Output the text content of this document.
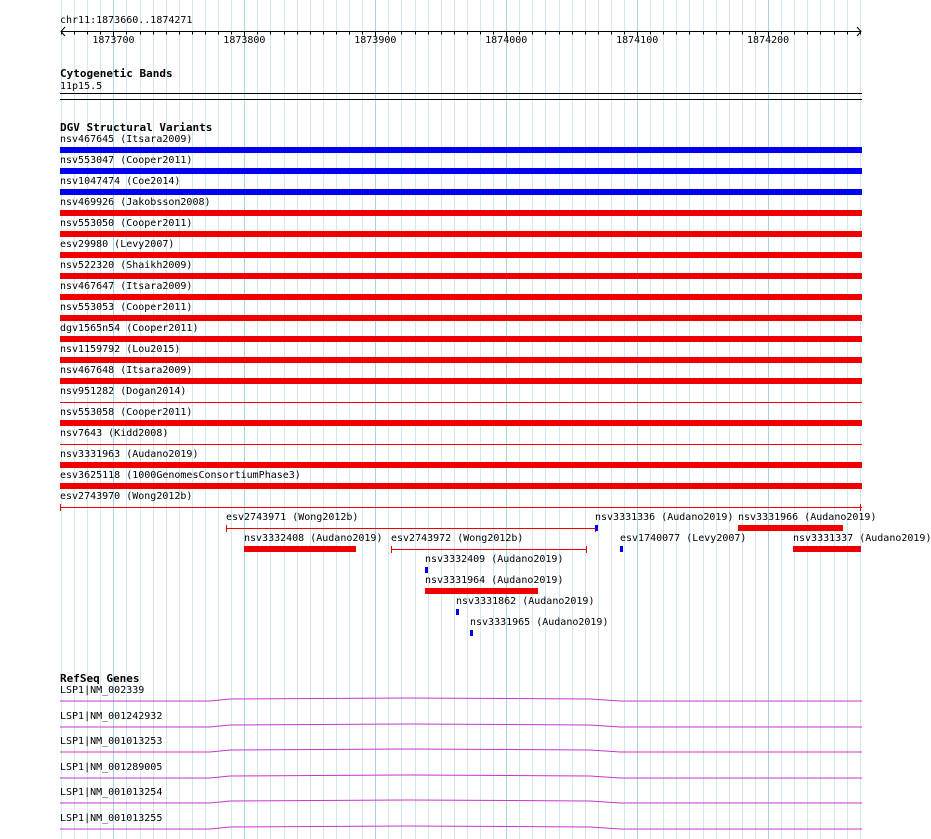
chr11:1873660..1874271
1873700	1873800	1873900	1874000	1874100	1874200
Cytogenetic Bands
11p15.5
DGV Structural Variants
nsv467645 (Itsara2009)
nsv553047 (Cooper2011)
nsv1047474 (Coe2014)
nsv469926 (Jakobsson2008)
nsv553050 (Cooper2011)
esv29980 (Levy2007)
nsv522320 (Shaikh2009)
nsv467647 (Itsara2009)
nsv553053 (Cooper2011)
dgv1565n54 (Cooper2011)
nsv1159792 (Lou2015)
nsv467648 (Itsara2009)
nsv951282 (Dogan2014)
nsv553058 (Cooper2011)
nsv7643 (Kidd2008)
nsv3331963 (Audano2019)
esv3625118 (1000GenomesConsortiumPhase3)
esv2743970 (Wong2012b)
esv2743971 (Wong2012b)	nsv3331336 (Audano2019) nsv3331966 (Audano2019)
nsv3332408 (Audano2019) esv2743972 (Wong2012b)	esv1740077 (Levy2007)	nsv3331337 (Audano2019)
nsv3332409 (Audano2019)
nsv3331964 (Audano2019)
nsv3331862 (Audano2019)
nsv3331965 (Audano2019)
RefSeq Genes
LSP1|NM_002339
LSP1|NM_001242932
LSP1|NM_001013253
LSP1|NM_001289005
LSP1|NM_001013254
LSP1|NM_001013255
